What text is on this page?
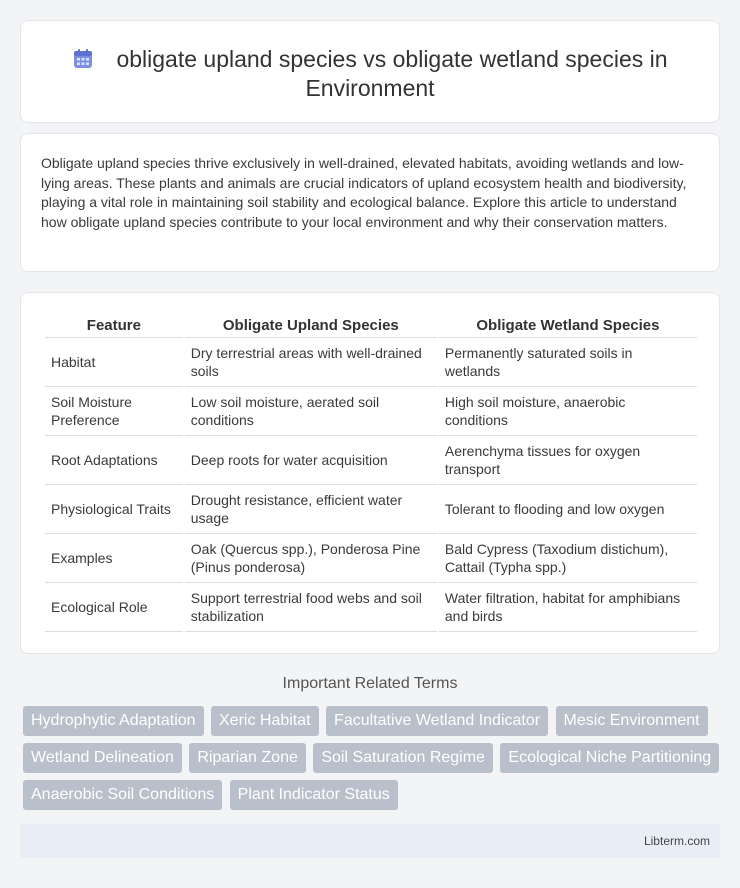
obligate upland species vs obligate wetland species in
Environment

Obligate upland species thrive exclusively in well-drained, elevated habitats, avoiding wetlands and low-lying areas. These plants and animals are crucial indicators of upland ecosystem health and biodiversity, playing a vital role in maintaining soil stability and ecological balance. Explore this article to understand how obligate upland species contribute to your local environment and why their conservation matters.

Feature	Obligate Upland Species	Obligate Wetland Species
Habitat	Dry terrestrial areas with well-drained soils	Permanently saturated soils in wetlands
Soil Moisture Preference	Low soil moisture, aerated soil conditions	High soil moisture, anaerobic conditions
Root Adaptations	Deep roots for water acquisition	Aerenchyma tissues for oxygen transport
Physiological Traits	Drought resistance, efficient water usage	Tolerant to flooding and low oxygen
Examples	Oak (Quercus spp.), Ponderosa Pine (Pinus ponderosa)	Bald Cypress (Taxodium distichum), Cattail (Typha spp.)
Ecological Role	Support terrestrial food webs and soil stabilization	Water filtration, habitat for amphibians and birds
Important Related Terms
Hydrophytic Adaptation Xeric Habitat Facultative Wetland Indicator Mesic Environment Wetland Delineation Riparian Zone Soil Saturation Regime Ecological Niche Partitioning Anaerobic Soil Conditions Plant Indicator Status
Libterm.com
